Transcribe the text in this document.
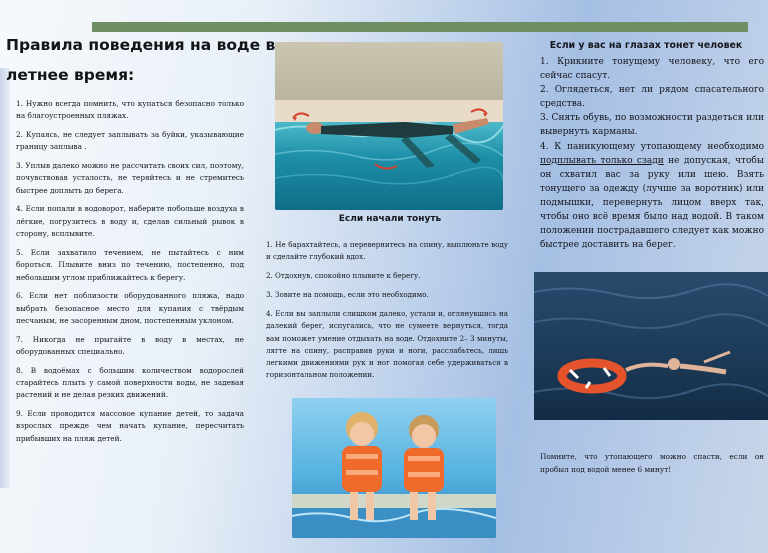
Правила поведения на воде в летнее время:

1. Нужно всегда помнить, что купаться безопасно только на благоустроенных пляжах.

2. Купаясь, не следует заплывать за буйки, указывающие границу заплыва .

3. Уплыв далеко можно не рассчитать своих сил, поэтому, почувствовав усталость, не теряйтесь и не стремитесь быстрее доплыть до берега.

4. Если попали в водоворот, наберите побольше воздуха в лёгкие, погрузитесь в воду и, сделав сильный рывок в сторону, всплывите.

5. Если захватило течением, не пытайтесь с ним бороться. Плывите вниз по течению, постепенно, под небольшим углом приближайтесь к берегу.

6. Если нет поблизости оборудованного пляжа, надо выбрать безопасное место для купания с твёрдым песчаным, не засоренным дном, постепенным уклоном.

7. Никогда не прыгайте в воду в местах, не оборудованных специально.

8. В водоёмах с большим количеством водорослей старайтесь плыть у самой поверхности воды, не задевая растений и не делая резких движений.

9. Если проводится массовое купание детей, то задача взрослых прежде чем начать купание, пересчитать прибывших на пляж детей.

Если начали тонуть

1. Не барахтайтесь, а перевернитесь на спину, выплюньте воду и сделайте глубокий вдох.

2. Отдохнув, спокойно плывите к берегу.

3. Зовите на помощь, если это необходимо.

4. Если вы заплыли слишком далеко, устали и, оглянувшись на далекий берег, испугались, что не сумеете вернуться, тогда вам поможет умение отдыхать на воде. Отдохните 2– 3 минуты, лягте на спину, расправив руки и ноги, расслабьтесь, лишь легкими движениями рук и ног помогая себе удерживаться в горизонтальном положении.

Если у вас на глазах тонет человек

1. Крикните тонущему человеку, что его сейчас спасут.

2. Оглядеться, нет ли рядом спасательного средства.

3. Снять обувь, по возможности раздеться или вывернуть карманы.

4. К паникующему утопающему необходимо подплывать только сзади не допуская, чтобы он схватил вас за руку или шею. Взять тонущего за одежду (лучше за воротник) или подмышки, перевернуть лицом вверх так, чтобы оно всё время было над водой. В таком положении пострадавшего следует как можно быстрее доставить на берег.

Помните, что утопающего можно спасти, если он пробыл под водой менее 6 минут!
